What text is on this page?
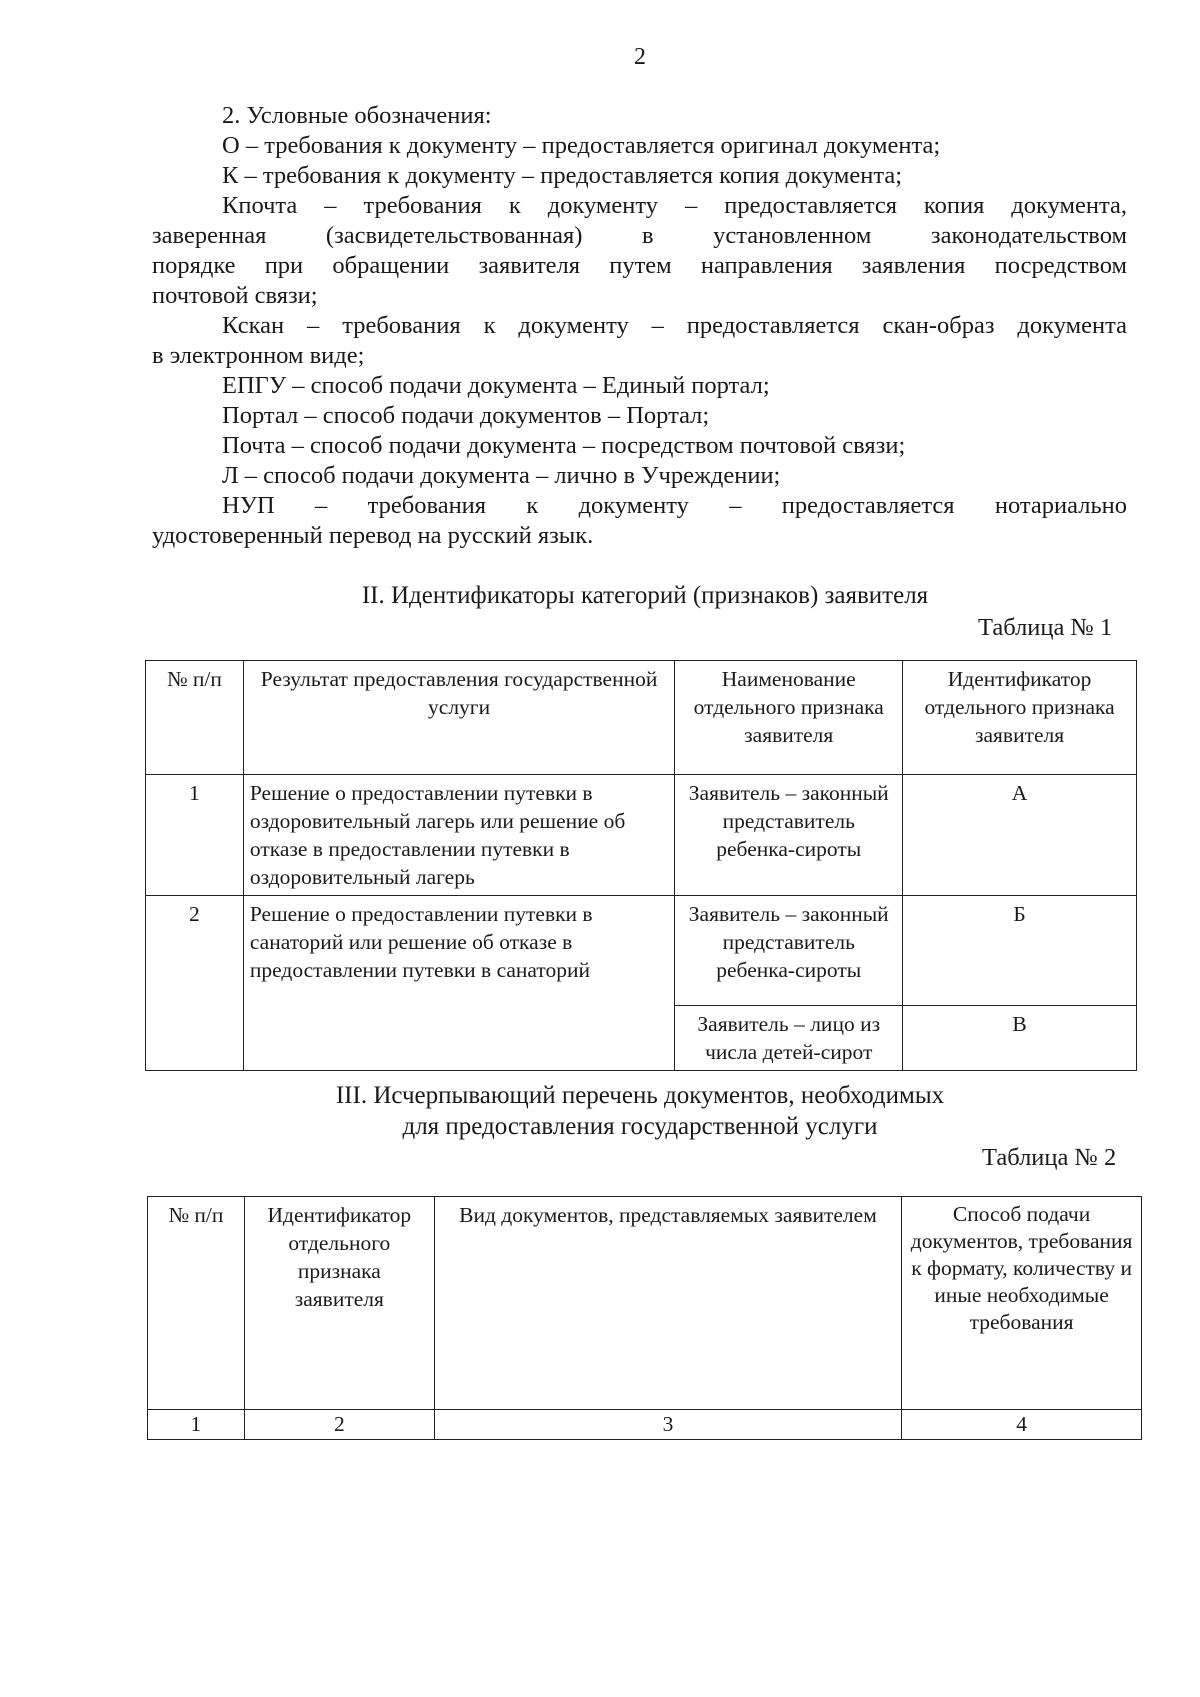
2
2. Условные обозначения:
О – требования к документу – предоставляется оригинал документа;
К – требования к документу – предоставляется копия документа;
Кпочта – требования к документу – предоставляется копия документа,
заверенная (засвидетельствованная) в установленном законодательством
порядке при обращении заявителя путем направления заявления посредством
почтовой связи;
Кскан – требования к документу – предоставляется скан-образ документа
в электронном виде;
ЕПГУ – способ подачи документа – Единый портал;
Портал – способ подачи документов – Портал;
Почта – способ подачи документа – посредством почтовой связи;
Л – способ подачи документа – лично в Учреждении;
НУП – требования к документу – предоставляется нотариально
удостоверенный перевод на русский язык.
II. Идентификаторы категорий (признаков) заявителя
Таблица № 1
№ п/п	Результат предоставления государственной услуги	Наименование отдельного признака заявителя	Идентификатор отдельного признака заявителя
1	Решение о предоставлении путевки в оздоровительный лагерь или решение об отказе в предоставлении путевки в оздоровительный лагерь	Заявитель – законный представитель ребенка-сироты	А
2	Решение о предоставлении путевки в санаторий или решение об отказе в предоставлении путевки в санаторий	Заявитель – законный представитель ребенка-сироты	Б
		Заявитель – лицо из числа детей-сирот	В
III. Исчерпывающий перечень документов, необходимых
для предоставления государственной услуги
Таблица № 2
№ п/п	Идентификатор отдельного признака заявителя	Вид документов, представляемых заявителем	Способ подачи документов, требования к формату, количеству и иные необходимые требования
1	2	3	4
